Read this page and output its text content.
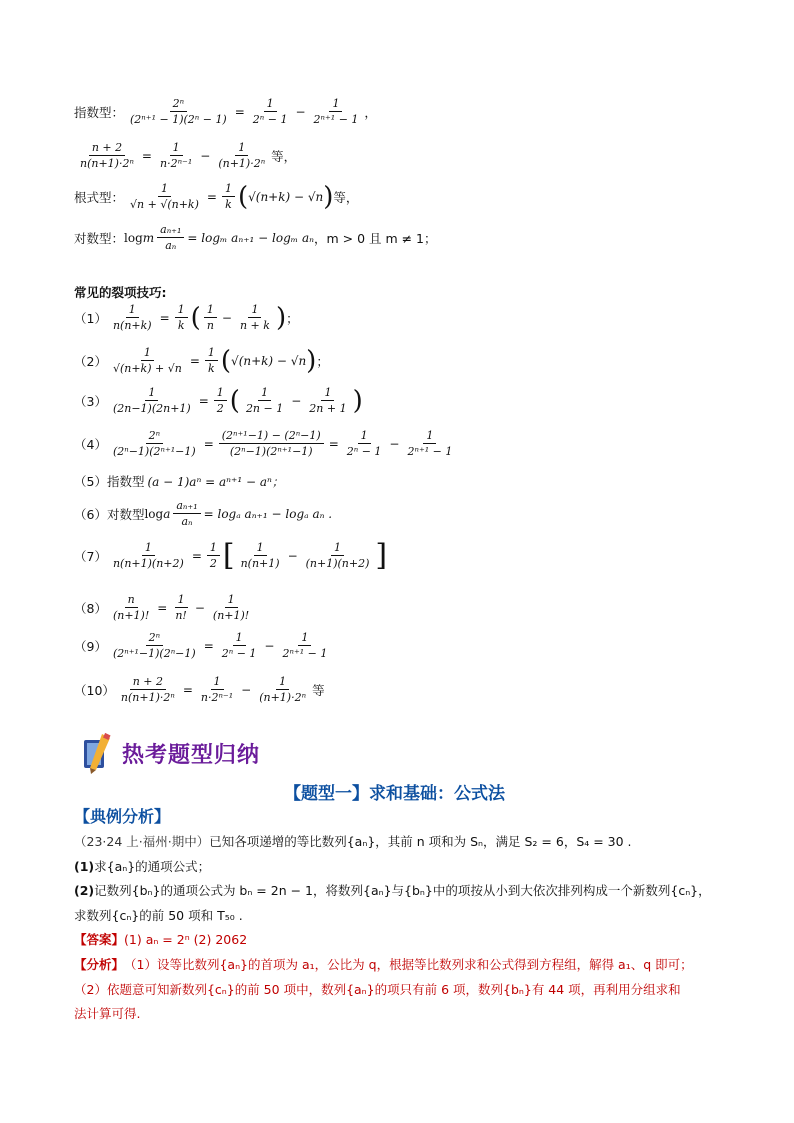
指数型： $\frac{\text{2ⁿ}}{\text{(2ⁿ⁺¹ − 1)(2ⁿ − 1)}} = \frac{1}{\text{2ⁿ − 1}} - \frac{1}{\text{2ⁿ⁺¹ − 1}}$ ，
$\frac{n + 2}{\text{n(n+1)·2ⁿ}} = \frac{1}{\text{n·2ⁿ⁻¹}} - \frac{1}{\text{(n+1)·2ⁿ}}$ 等，
根式型： $\frac{1}{√n + √(n+k)} = \frac{1}{k}$ ( √(n+k) − √n ) 等，
对数型： log m $\frac{\text{aₙ₊₁}}{\text{aₙ}} = \log_m$ aₙ₊₁ − logₘ aₙ ，m > 0 且 m ≠ 1；
常见的裂项技巧:
$(1) \frac{1}{n(n+k)} = \frac{1}{k}$ ( $\frac{1}{n} - \frac{1}{n + k}$ ) ；
$(2) \frac{1}{√(n+k) + √n} = \frac{1}{k}$ ( √(n+k) − √n ) ；
$(3) \frac{1}{(2n-1)(2n+1)} = \frac{1}{2}$ ( $\frac{1}{2n - 1} - \frac{1}{2n + 1}$ )
$(4) \frac{\text{2ⁿ}}{\text{(2ⁿ−1)(2ⁿ⁺¹−1)}} = \frac{\text{(2ⁿ⁺¹−1) − (2ⁿ−1)}}{\text{(2ⁿ−1)(2ⁿ⁺¹−1)}} = \frac{1}{\text{2ⁿ − 1}} - \frac{1}{\text{2ⁿ⁺¹ − 1}}$
（5） 指数型 (a − 1)aⁿ = aⁿ⁺¹ − aⁿ；
（6） 对数型 log a $\frac{\text{aₙ₊₁}}{\text{aₙ}} = \log_a$ aₙ₊₁ − logₐ aₙ .
$(7) \frac{1}{n(n+1)(n+2)} = \frac{1}{2}$ [ $\frac{1}{n(n+1)} - \frac{1}{(n+1)(n+2)}$ ]
$(8) \frac{n}{(n+1)!} = \frac{1}{n!} - \frac{1}{(n+1)!}$
$(9) \frac{\text{2ⁿ}}{\text{(2ⁿ⁺¹−1)(2ⁿ−1)}} = \frac{1}{\text{2ⁿ − 1}} - \frac{1}{\text{2ⁿ⁺¹ − 1}}$
$(10) \frac{n + 2}{\text{n(n+1)·2ⁿ}} = \frac{1}{\text{n·2ⁿ⁻¹}} - \frac{1}{\text{(n+1)·2ⁿ}}$ 等
热考题型归纳
【题型一】求和基础：公式法
【典例分析】
（23·24 上·福州·期中） 已知各项递增的等比数列{aₙ}，其前 n 项和为 Sₙ，满足 S₂ = 6，S₄ = 30 .
(1) 求{aₙ}的通项公式；
(2) 记数列{bₙ}的通项公式为 bₙ = 2n − 1，将数列{aₙ}与{bₙ}中的项按从小到大依次排列构成一个新数列{cₙ}，
求数列{cₙ}的前 50 项和 T₅₀ .
【答案】 (1) aₙ = 2ⁿ (2) 2062
【分析】 （1）设等比数列{aₙ}的首项为 a₁，公比为 q，根据等比数列求和公式得到方程组，解得 a₁、q 即可；
（2）依题意可知新数列{cₙ}的前 50 项中，数列{aₙ}的项只有前 6 项，数列{bₙ}有 44 项，再利用分组求和
法计算可得.
